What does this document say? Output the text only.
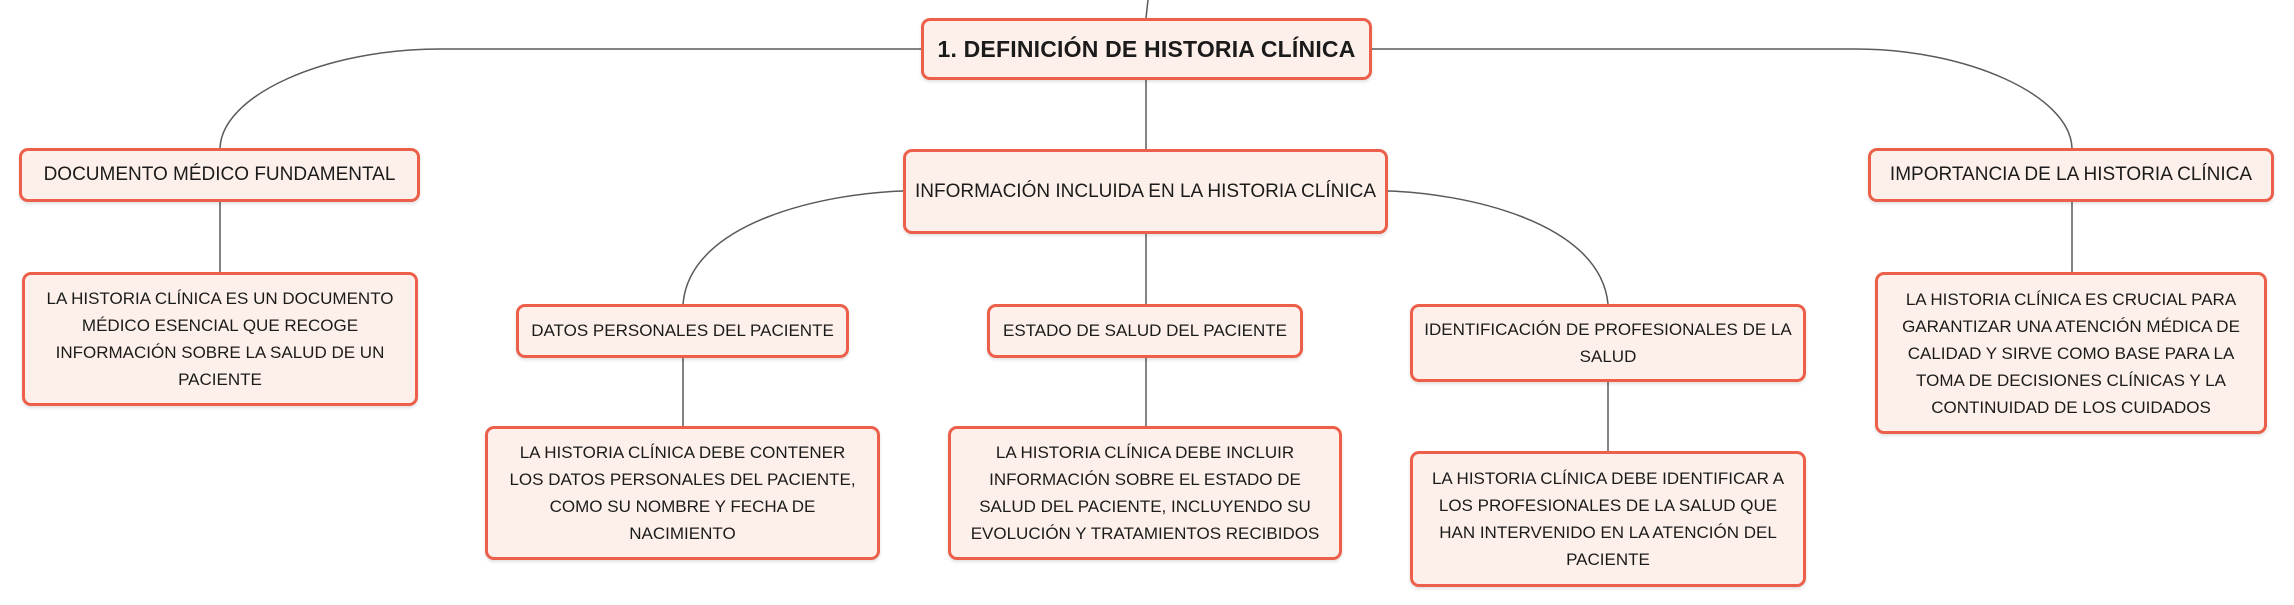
1. DEFINICIÓN DE HISTORIA CLÍNICA
DOCUMENTO MÉDICO FUNDAMENTAL
INFORMACIÓN INCLUIDA EN LA HISTORIA CLÍNICA
IMPORTANCIA DE LA HISTORIA CLÍNICA
LA HISTORIA CLÍNICA ES UN DOCUMENTO MÉDICO ESENCIAL QUE RECOGE INFORMACIÓN SOBRE LA SALUD DE UN PACIENTE
LA HISTORIA CLÍNICA ES CRUCIAL PARA GARANTIZAR UNA ATENCIÓN MÉDICA DE CALIDAD Y SIRVE COMO BASE PARA LA TOMA DE DECISIONES CLÍNICAS Y LA CONTINUIDAD DE LOS CUIDADOS
DATOS PERSONALES DEL PACIENTE	ESTADO DE SALUD DEL PACIENTE	IDENTIFICACIÓN DE PROFESIONALES DE LA SALUD
LA HISTORIA CLÍNICA DEBE CONTENER LOS DATOS PERSONALES DEL PACIENTE, COMO SU NOMBRE Y FECHA DE NACIMIENTO
LA HISTORIA CLÍNICA DEBE INCLUIR INFORMACIÓN SOBRE EL ESTADO DE SALUD DEL PACIENTE, INCLUYENDO SU EVOLUCIÓN Y TRATAMIENTOS RECIBIDOS
LA HISTORIA CLÍNICA DEBE IDENTIFICAR A LOS PROFESIONALES DE LA SALUD QUE HAN INTERVENIDO EN LA ATENCIÓN DEL PACIENTE
